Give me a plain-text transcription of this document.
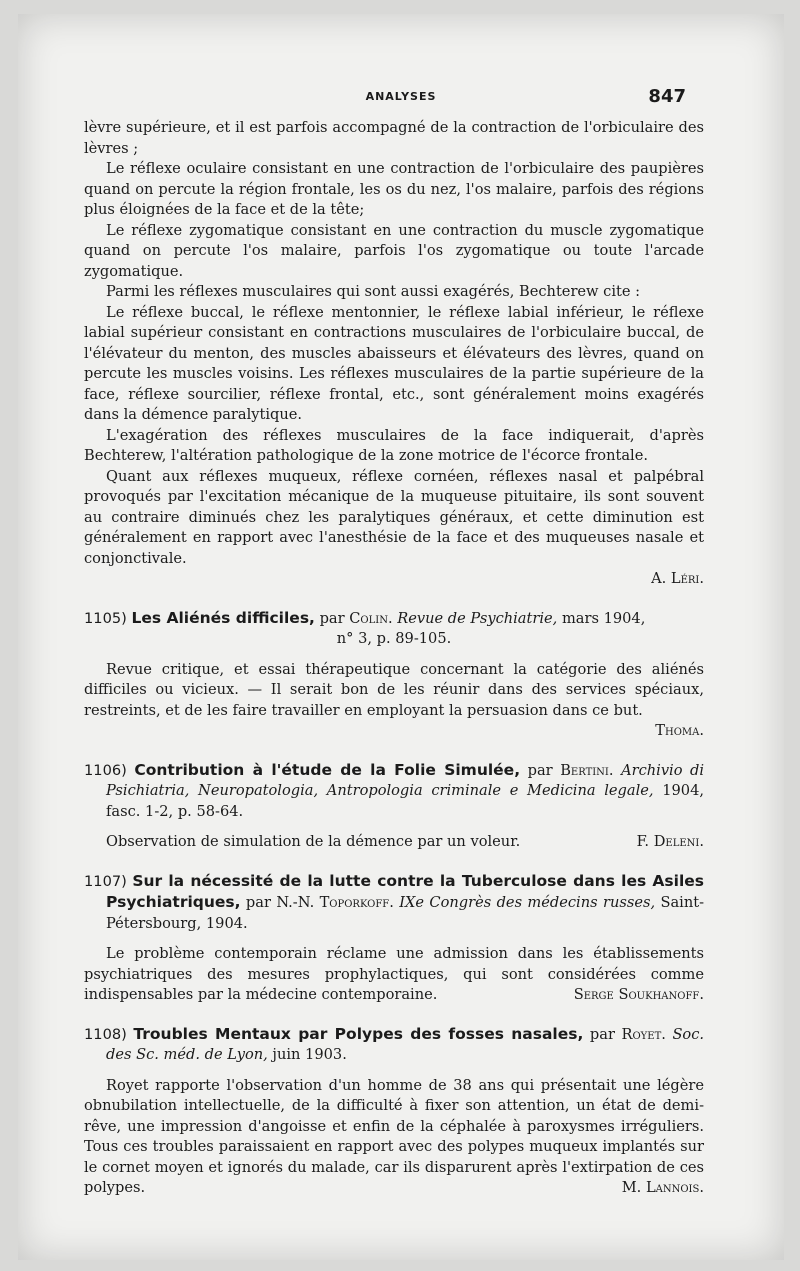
ANALYSES	847

lèvre supérieure, et il est parfois accompagné de la contraction de l'orbiculaire des lèvres ;

Le réflexe oculaire consistant en une contraction de l'orbiculaire des paupières quand on percute la région frontale, les os du nez, l'os malaire, parfois des régions plus éloignées de la face et de la tête;

Le réflexe zygomatique consistant en une contraction du muscle zygomatique quand on percute l'os malaire, parfois l'os zygomatique ou toute l'arcade zygomatique.

Parmi les réflexes musculaires qui sont aussi exagérés, Bechterew cite :

Le réflexe buccal, le réflexe mentonnier, le réflexe labial inférieur, le réflexe labial supérieur consistant en contractions musculaires de l'orbiculaire buccal, de l'élévateur du menton, des muscles abaisseurs et élévateurs des lèvres, quand on percute les muscles voisins. Les réflexes musculaires de la partie supérieure de la face, réflexe sourcilier, réflexe frontal, etc., sont généralement moins exagérés dans la démence paralytique.

L'exagération des réflexes musculaires de la face indiquerait, d'après Bechterew, l'altération pathologique de la zone motrice de l'écorce frontale.

Quant aux réflexes muqueux, réflexe cornéen, réflexes nasal et palpébral provoqués par l'excitation mécanique de la muqueuse pituitaire, ils sont souvent au contraire diminués chez les paralytiques généraux, et cette diminution est généralement en rapport avec l'anesthésie de la face et des muqueuses nasale et conjonctivale.

A. Léri.

1105) Les Aliénés difficiles, par Colin. Revue de Psychiatrie, mars 1904,

n° 3, p. 89-105.

Revue critique, et essai thérapeutique concernant la catégorie des aliénés difficiles ou vicieux. — Il serait bon de les réunir dans des services spéciaux, restreints, et de les faire travailler en employant la persuasion dans ce but.

Thoma.

1106) Contribution à l'étude de la Folie Simulée, par Bertini. Archivio di Psichiatria, Neuropatologia, Antropologia criminale e Medicina legale, 1904, fasc. 1-2, p. 58-64.

F. Deleni.
Observation de simulation de la démence par un voleur.

1107) Sur la nécessité de la lutte contre la Tuberculose dans les Asiles Psychiatriques, par N.-N. Toporkoff. IXe Congrès des médecins russes, Saint-Pétersbourg, 1904.

Le problème contemporain réclame une admission dans les établissements psychiatriques des mesures prophylactiques, qui sont considérées comme indispensables par la médecine contemporaine.	Serge Soukhanoff.

1108) Troubles Mentaux par Polypes des fosses nasales, par Royet. Soc. des Sc. méd. de Lyon, juin 1903.

Royet rapporte l'observation d'un homme de 38 ans qui présentait une légère obnubilation intellectuelle, de la difficulté à fixer son attention, un état de demi-rêve, une impression d'angoisse et enfin de la céphalée à paroxysmes irréguliers. Tous ces troubles paraissaient en rapport avec des polypes muqueux implantés sur le cornet moyen et ignorés du malade, car ils disparurent après l'extirpation de ces polypes.	M. Lannois.
